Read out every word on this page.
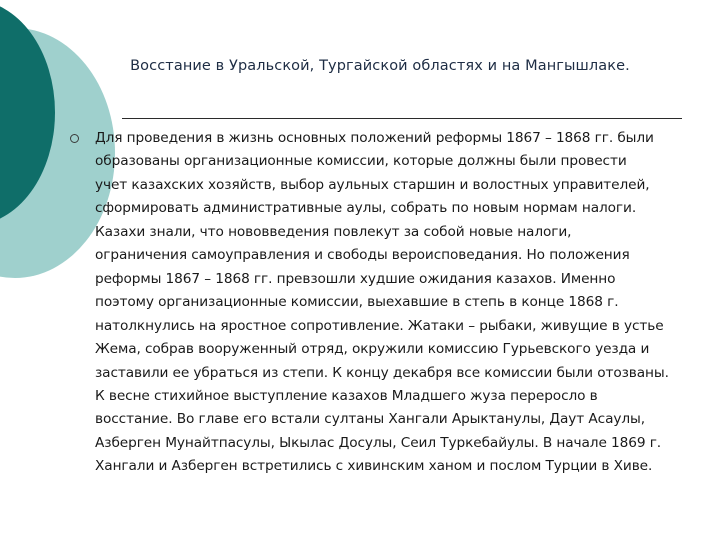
Восстание в Уральской, Тургайской областях и на Мангышлаке.
Для проведения в жизнь основных положений реформы 1867 – 1868 гг. были
образованы организационные комиссии, которые должны были провести
учет казахских хозяйств, выбор аульных старшин и волостных управителей,
сформировать административные аулы, собрать по новым нормам налоги.
Казахи знали, что нововведения повлекут за собой новые налоги,
ограничения самоуправления и свободы вероисповедания. Но положения
реформы 1867 – 1868 гг. превзошли худшие ожидания казахов. Именно
поэтому организационные комиссии, выехавшие в степь в конце 1868 г.
натолкнулись на яростное сопротивление. Жатаки – рыбаки, живущие в устье
Жема, собрав вооруженный отряд, окружили комиссию Гурьевского уезда и
заставили ее убраться из степи. К концу декабря все комиссии были отозваны.
К весне стихийное выступление казахов Младшего жуза переросло в
восстание. Во главе его встали султаны Хангали Арыктанулы, Даут Асаулы,
Азберген Мунайтпасулы, Ыкылас Досулы, Сеил Туркебайулы. В начале 1869 г.
Хангали и Азберген встретились с хивинским ханом и послом Турции в Хиве.
